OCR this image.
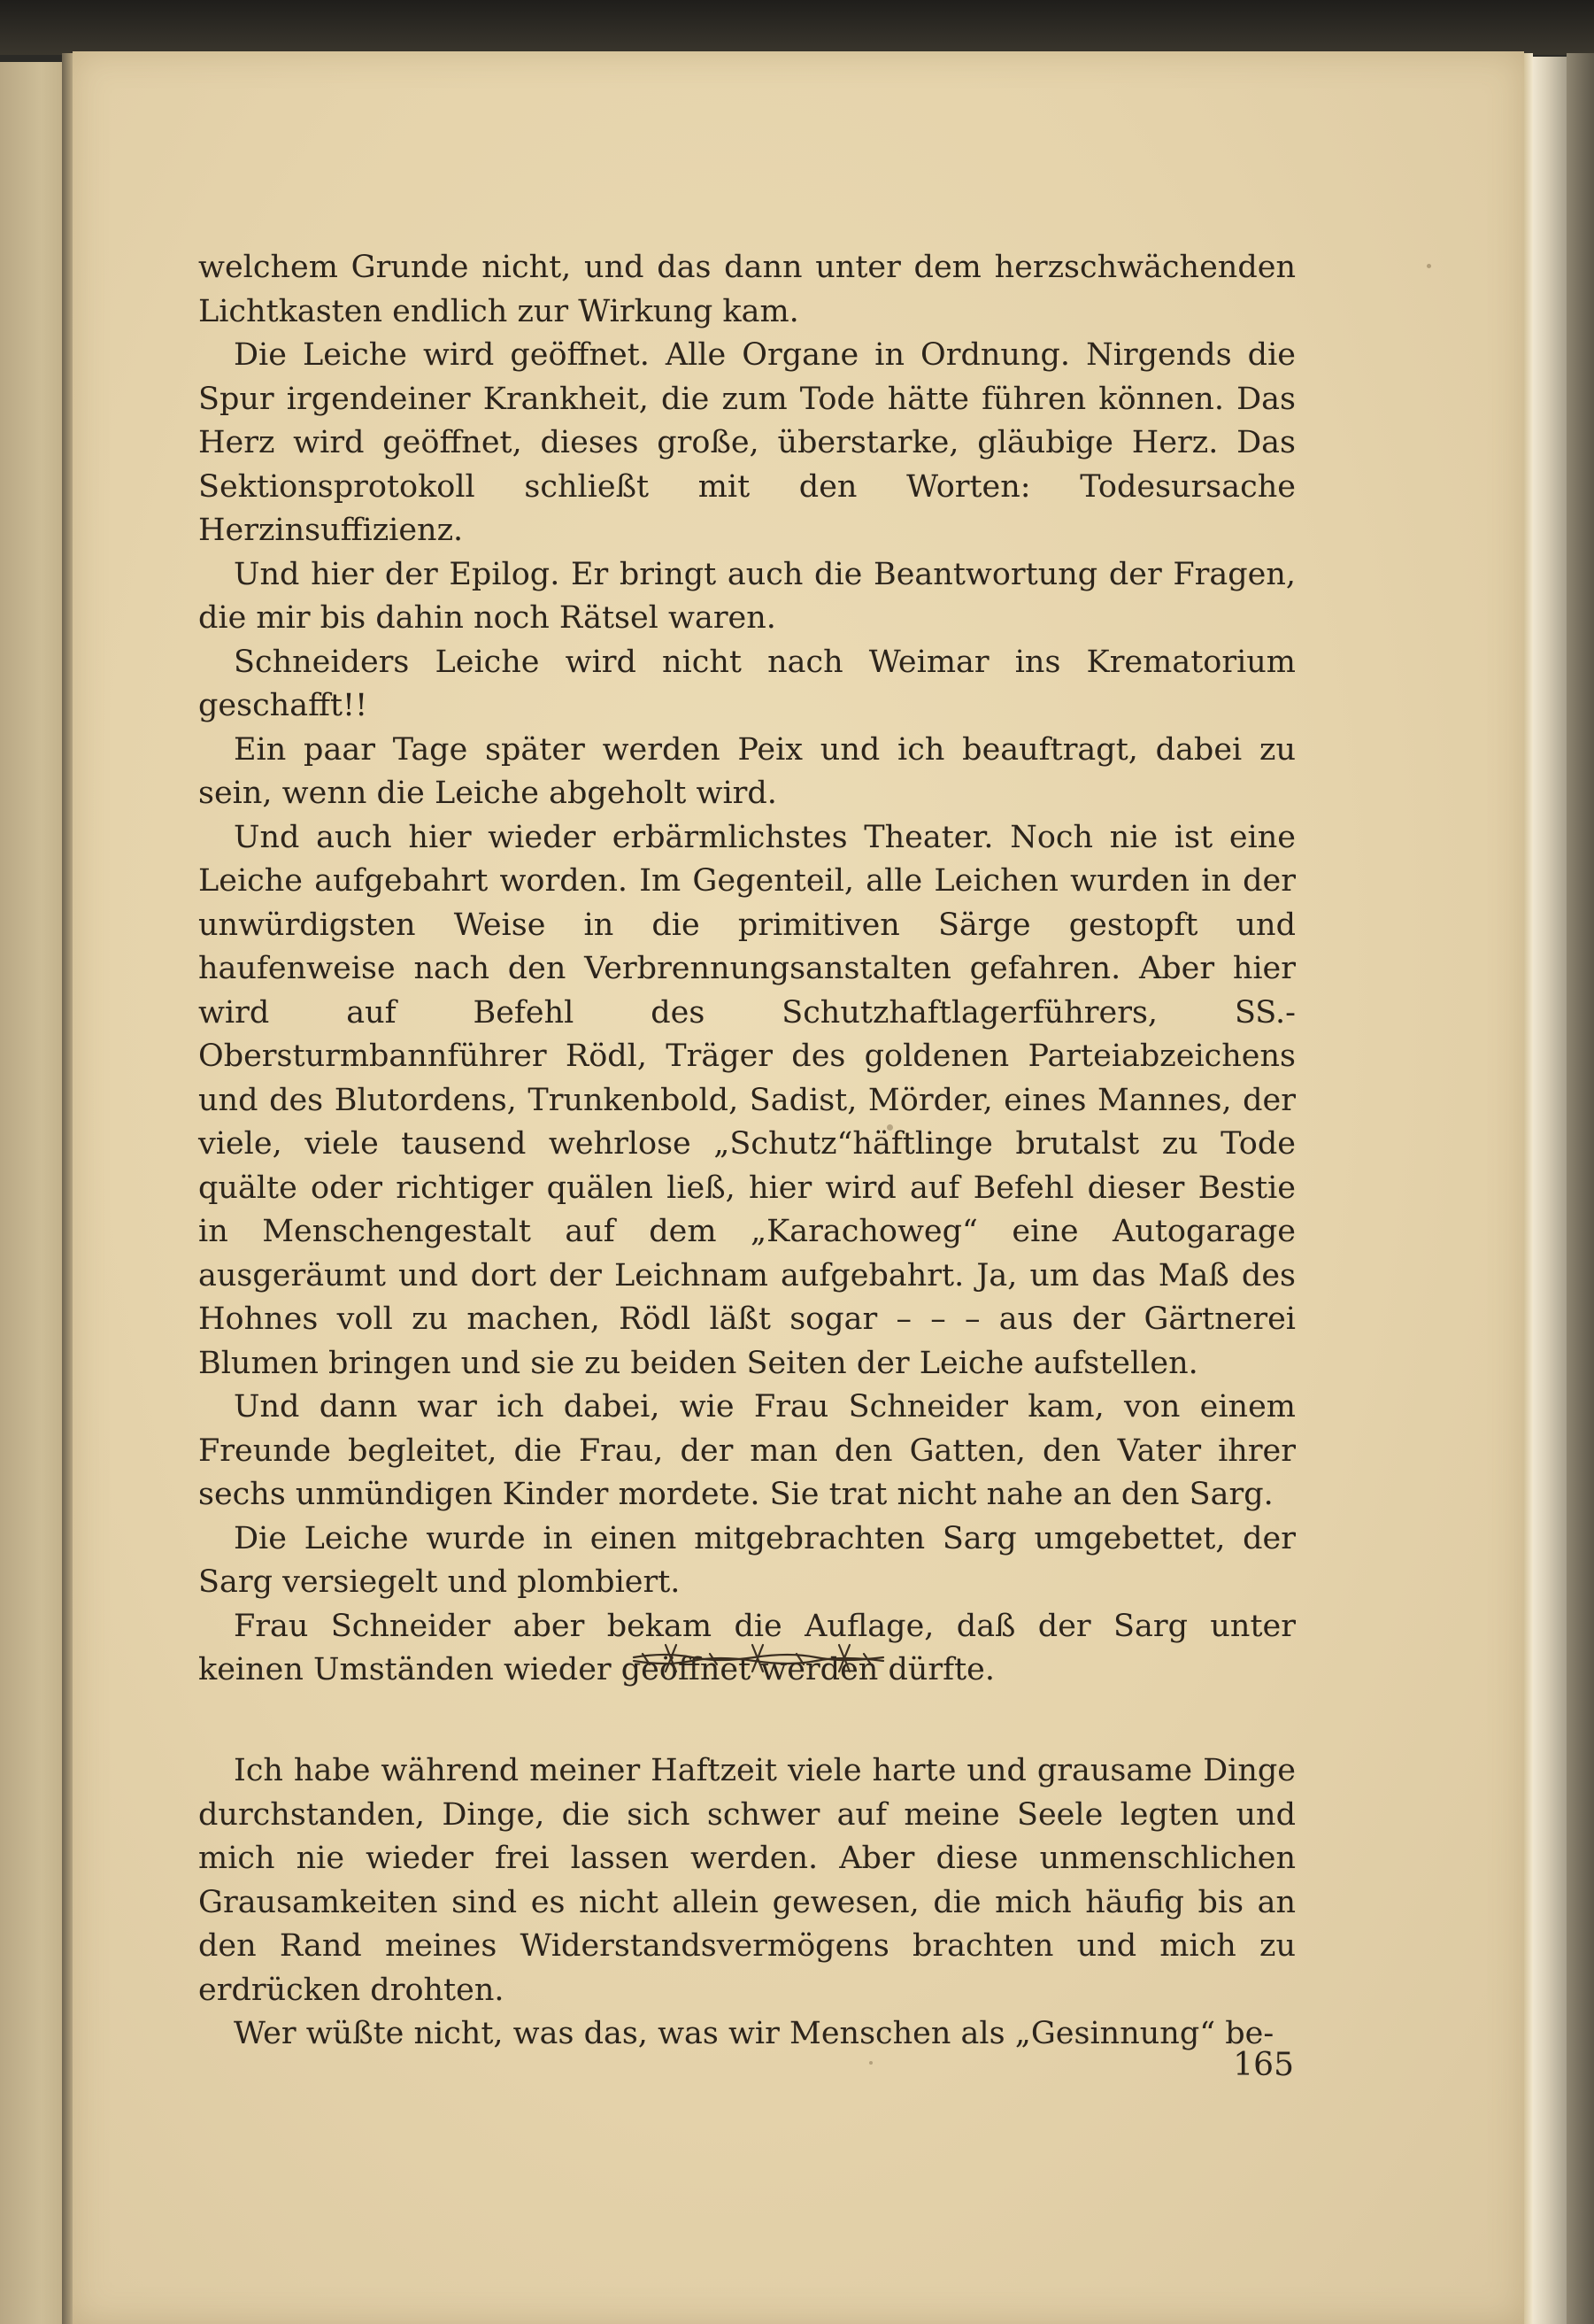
welchem Grunde nicht, und das dann unter dem herzschwächenden Lichtkasten endlich zur Wirkung kam.

Die Leiche wird geöffnet. Alle Organe in Ordnung. Nirgends die Spur irgendeiner Krankheit, die zum Tode hätte führen können. Das Herz wird geöffnet, dieses große, überstarke, gläubige Herz. Das Sektionsprotokoll schließt mit den Worten: Todesursache Herzinsuffizienz.

Und hier der Epilog. Er bringt auch die Beantwortung der Fragen, die mir bis dahin noch Rätsel waren.

Schneiders Leiche wird nicht nach Weimar ins Krematorium geschafft!!

Ein paar Tage später werden Peix und ich beauftragt, dabei zu sein, wenn die Leiche abgeholt wird.

Und auch hier wieder erbärmlichstes Theater. Noch nie ist eine Leiche aufgebahrt worden. Im Gegenteil, alle Leichen wurden in der unwürdigsten Weise in die primitiven Särge gestopft und haufenweise nach den Verbrennungsanstalten gefahren. Aber hier wird auf Befehl des Schutzhaftlagerführers, SS.-Obersturmbannführer Rödl, Träger des goldenen Parteiabzeichens und des Blutordens, Trunkenbold, Sadist, Mörder, eines Mannes, der viele, viele tausend wehrlose „Schutz“häftlinge brutalst zu Tode quälte oder richtiger quälen ließ, hier wird auf Befehl dieser Bestie in Menschengestalt auf dem „Karachoweg“ eine Autogarage ausgeräumt und dort der Leichnam aufgebahrt. Ja, um das Maß des Hohnes voll zu machen, Rödl läßt sogar – – – aus der Gärtnerei Blumen bringen und sie zu beiden Seiten der Leiche aufstellen.

Und dann war ich dabei, wie Frau Schneider kam, von einem Freunde begleitet, die Frau, der man den Gatten, den Vater ihrer sechs unmündigen Kinder mordete. Sie trat nicht nahe an den Sarg.

Die Leiche wurde in einen mitgebrachten Sarg umgebettet, der Sarg versiegelt und plombiert.

Frau Schneider aber bekam die Auflage, daß der Sarg unter keinen Umständen wieder geöffnet werden dürfte.

Ich habe während meiner Haftzeit viele harte und grausame Dinge durchstanden, Dinge, die sich schwer auf meine Seele legten und mich nie wieder frei lassen werden. Aber diese unmenschlichen Grausamkeiten sind es nicht allein gewesen, die mich häufig bis an den Rand meines Widerstandsvermögens brachten und mich zu erdrücken drohten.

Wer wüßte nicht, was das, was wir Menschen als „Gesinnung“ be-

165
